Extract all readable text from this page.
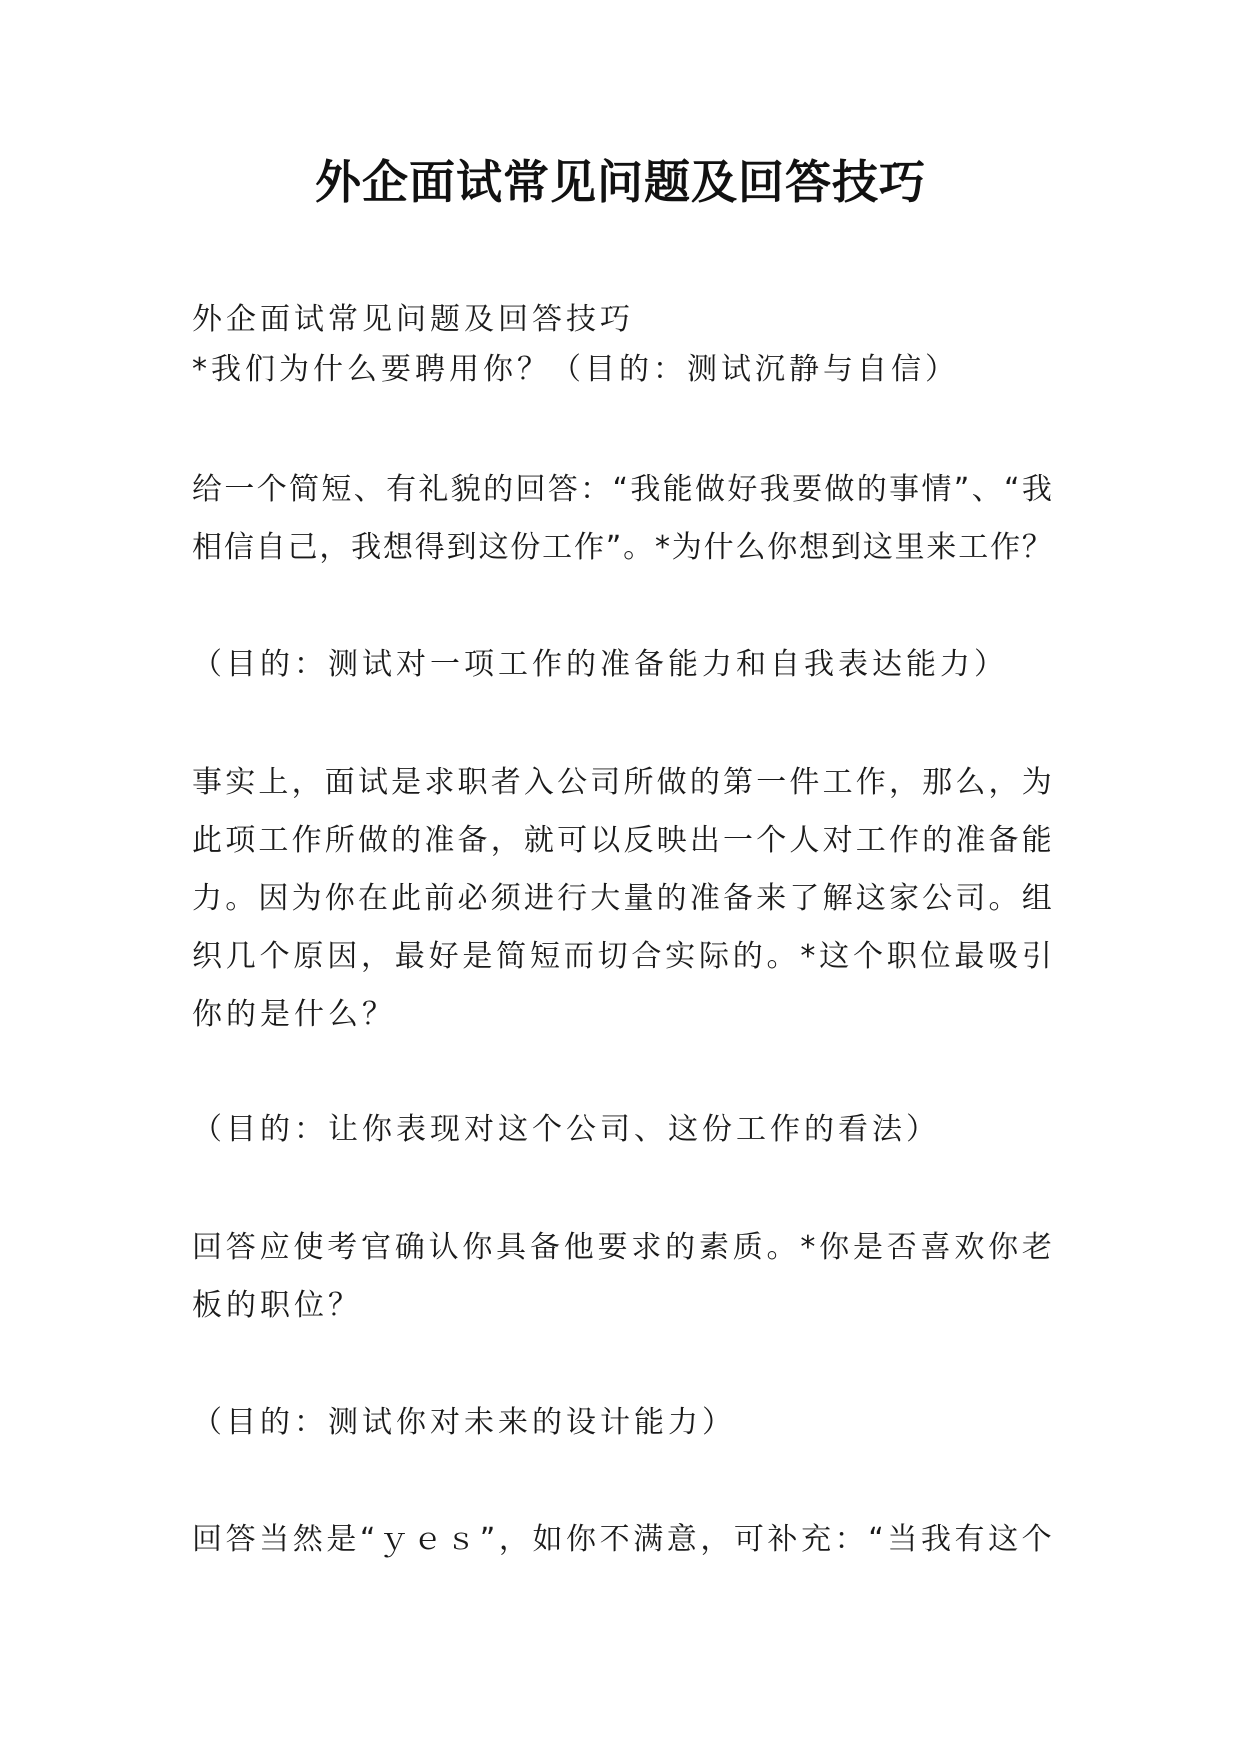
外企面试常见问题及回答技巧
外企面试常见问题及回答技巧
*我们为什么要聘用你？（目的：测试沉静与自信）
给 一 个 简 短 、 有 礼 貌 的 回 答 ： “ 我 能 做 好 我 要 做 的 事 情 ” 、 “ 我
相 信 自 己 ， 我 想 得 到 这 份 工 作 ” 。 * 为 什 么 你 想 到 这 里 来 工 作 ？
（目的：测试对一项工作的准备能力和自我表达能力）
事 实 上 ， 面 试 是 求 职 者 入 公 司 所 做 的 第 一 件 工 作 ， 那 么 ， 为
此 项 工 作 所 做 的 准 备 ， 就 可 以 反 映 出 一 个 人 对 工 作 的 准 备 能
力 。 因 为 你 在 此 前 必 须 进 行 大 量 的 准 备 来 了 解 这 家 公 司 。 组
织 几 个 原 因 ， 最 好 是 简 短 而 切 合 实 际 的 。 * 这 个 职 位 最 吸 引
你的是什么？
（目的：让你表现对这个公司、这份工作的看法）
回 答 应 使 考 官 确 认 你 具 备 他 要 求 的 素 质 。 * 你 是 否 喜 欢 你 老
板的职位？
（目的：测试你对未来的设计能力）
回 答 当 然 是 “ ｙ ｅ ｓ ” ， 如 你 不 满 意 ， 可 补 充 ： “ 当 我 有 这 个
